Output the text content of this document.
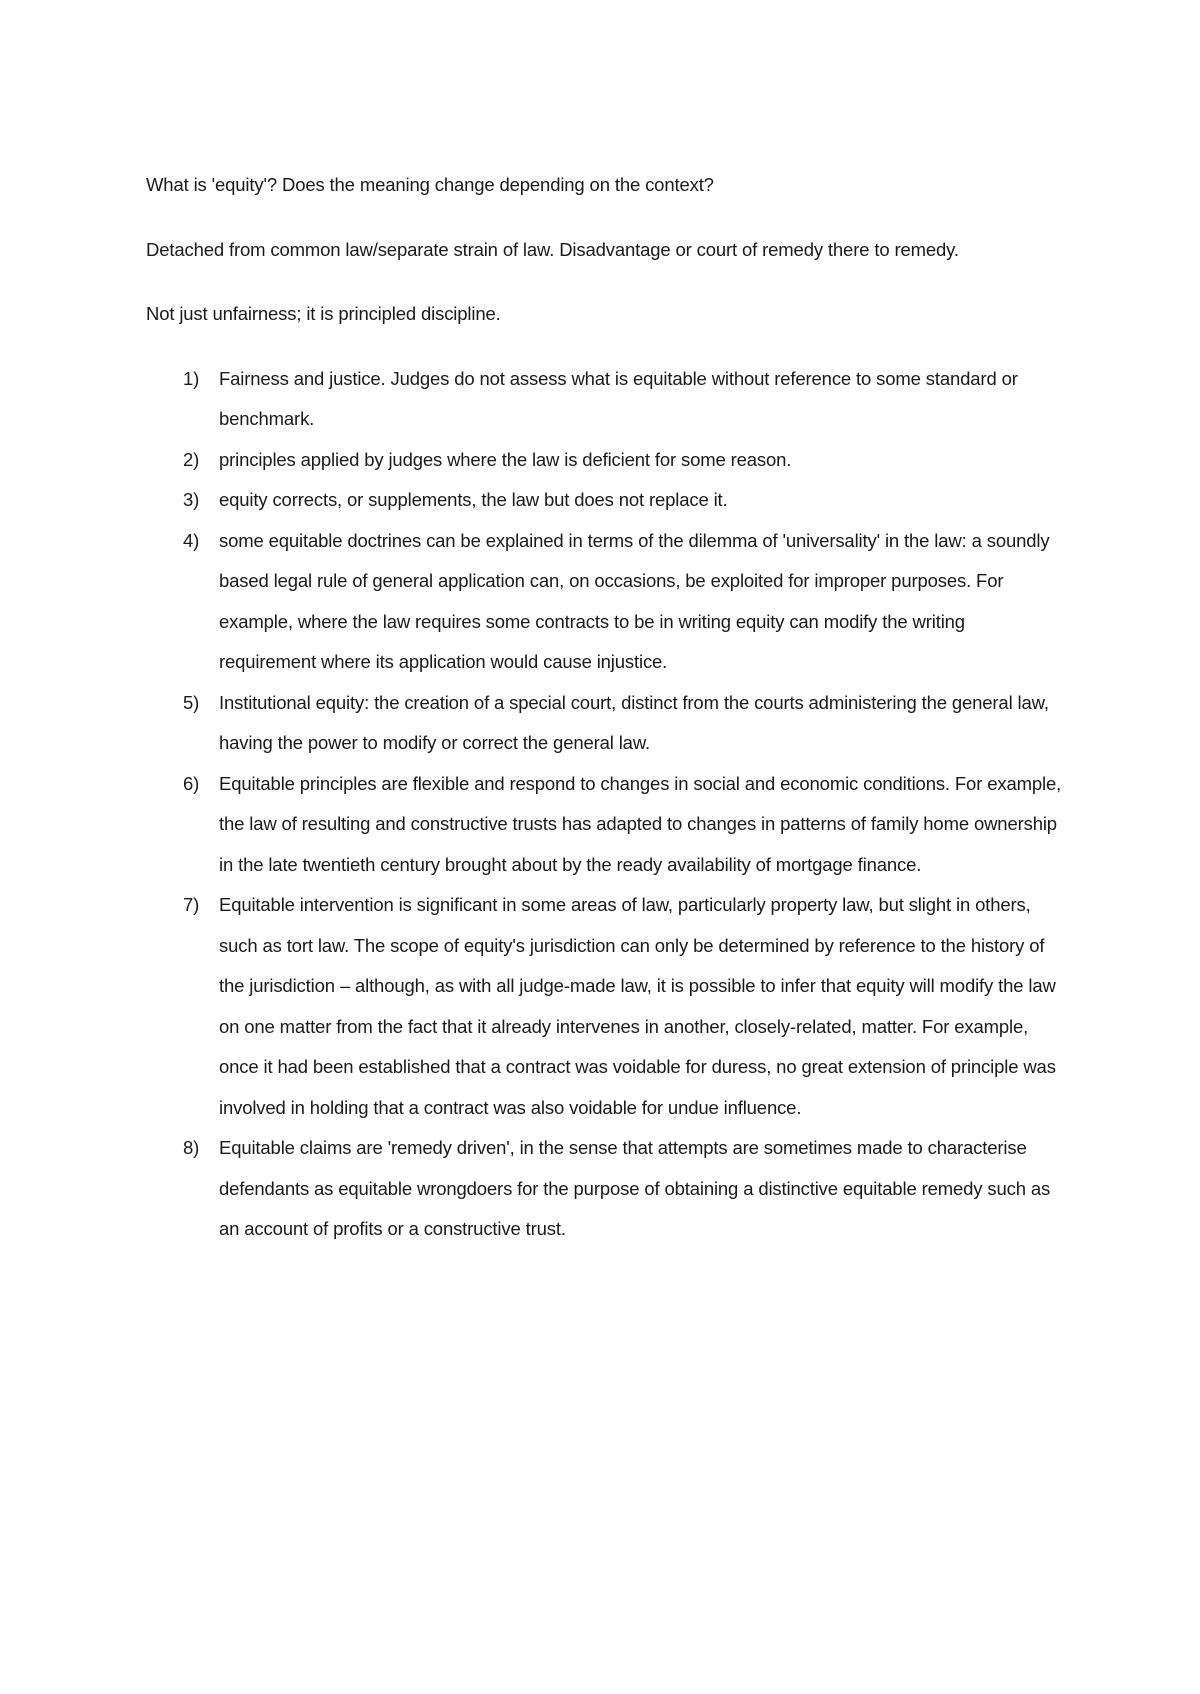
What is 'equity'? Does the meaning change depending on the context?

Detached from common law/separate strain of law. Disadvantage or court of remedy there to remedy.

Not just unfairness; it is principled discipline.

1) Fairness and justice. Judges do not assess what is equitable without reference to some standard or benchmark.
2) principles applied by judges where the law is deficient for some reason.
3) equity corrects, or supplements, the law but does not replace it.
4) some equitable doctrines can be explained in terms of the dilemma of 'universality' in the law: a soundly based legal rule of general application can, on occasions, be exploited for improper purposes. For example, where the law requires some contracts to be in writing equity can modify the writing requirement where its application would cause injustice.
5) Institutional equity: the creation of a special court, distinct from the courts administering the general law, having the power to modify or correct the general law.
6) Equitable principles are flexible and respond to changes in social and economic conditions. For example, the law of resulting and constructive trusts has adapted to changes in patterns of family home ownership in the late twentieth century brought about by the ready availability of mortgage finance.
7) Equitable intervention is significant in some areas of law, particularly property law, but slight in others, such as tort law. The scope of equity's jurisdiction can only be determined by reference to the history of the jurisdiction – although, as with all judge-made law, it is possible to infer that equity will modify the law on one matter from the fact that it already intervenes in another, closely-related, matter. For example, once it had been established that a contract was voidable for duress, no great extension of principle was involved in holding that a contract was also voidable for undue influence.
8) Equitable claims are 'remedy driven', in the sense that attempts are sometimes made to characterise defendants as equitable wrongdoers for the purpose of obtaining a distinctive equitable remedy such as an account of profits or a constructive trust.
